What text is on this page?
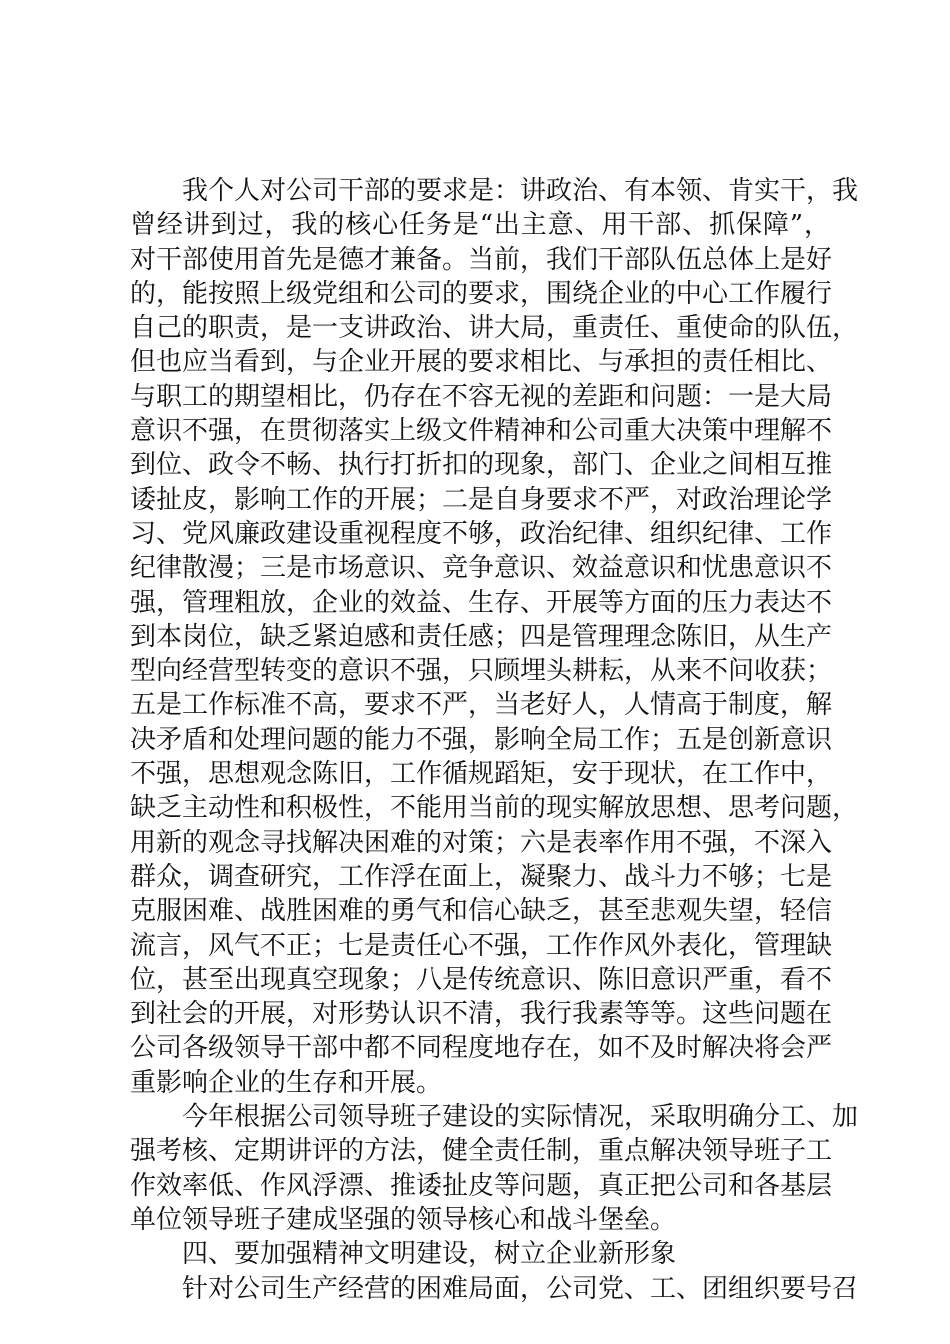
我个人对公司干部的要求是：讲政治、有本领、肯实干，我
曾经讲到过，我的核心任务是“出主意、用干部、抓保障”，
对干部使用首先是德才兼备。当前，我们干部队伍总体上是好
的，能按照上级党组和公司的要求，围绕企业的中心工作履行
自己的职责，是一支讲政治、讲大局，重责任、重使命的队伍，
但也应当看到，与企业开展的要求相比、与承担的责任相比、
与职工的期望相比，仍存在不容无视的差距和问题：一是大局
意识不强，在贯彻落实上级文件精神和公司重大决策中理解不
到位、政令不畅、执行打折扣的现象，部门、企业之间相互推
诿扯皮，影响工作的开展；二是自身要求不严，对政治理论学
习、党风廉政建设重视程度不够，政治纪律、组织纪律、工作
纪律散漫；三是市场意识、竞争意识、效益意识和忧患意识不
强，管理粗放，企业的效益、生存、开展等方面的压力表达不
到本岗位，缺乏紧迫感和责任感；四是管理理念陈旧，从生产
型向经营型转变的意识不强，只顾埋头耕耘，从来不问收获；
五是工作标准不高，要求不严，当老好人，人情高于制度，解
决矛盾和处理问题的能力不强，影响全局工作；五是创新意识
不强，思想观念陈旧，工作循规蹈矩，安于现状，在工作中，
缺乏主动性和积极性，不能用当前的现实解放思想、思考问题，
用新的观念寻找解决困难的对策；六是表率作用不强，不深入
群众，调查研究，工作浮在面上，凝聚力、战斗力不够；七是
克服困难、战胜困难的勇气和信心缺乏，甚至悲观失望，轻信
流言，风气不正；七是责任心不强，工作作风外表化，管理缺
位，甚至出现真空现象；八是传统意识、陈旧意识严重，看不
到社会的开展，对形势认识不清，我行我素等等。这些问题在
公司各级领导干部中都不同程度地存在，如不及时解决将会严
重影响企业的生存和开展。
今年根据公司领导班子建设的实际情况，采取明确分工、加
强考核、定期讲评的方法，健全责任制，重点解决领导班子工
作效率低、作风浮漂、推诿扯皮等问题，真正把公司和各基层
单位领导班子建成坚强的领导核心和战斗堡垒。
四、要加强精神文明建设，树立企业新形象
针对公司生产经营的困难局面，公司党、工、团组织要号召
